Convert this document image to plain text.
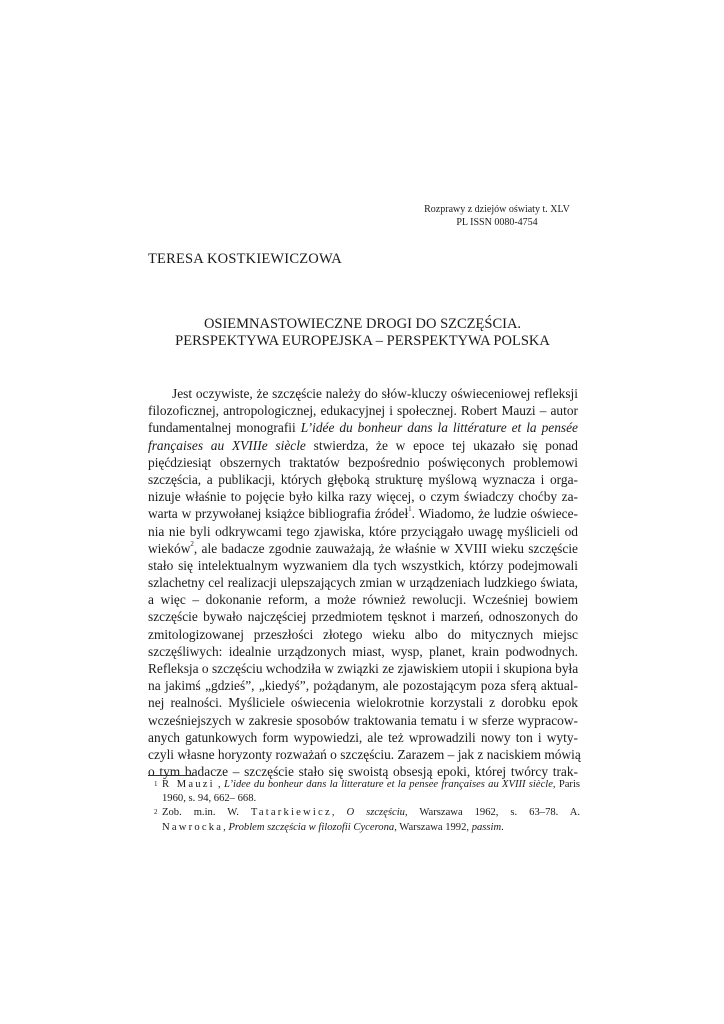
Rozprawy z dziejów oświaty t. XLV
PL ISSN 0080-4754
TERESA KOSTKIEWICZOWA
OSIEMNASTOWIECZNE DROGI DO SZCZĘŚCIA.
PERSPEKTYWA EUROPEJSKA – PERSPEKTYWA POLSKA
Jest oczywiste, że szczęście należy do słów-kluczy oświeceniowej refleksji
filozoficznej, antropologicznej, edukacyjnej i społecznej. Robert Mauzi – autor
fundamentalnej monografii L’idée du bonheur dans la littérature et la pensée
françaises au XVIIIe siècle stwierdza, że w epoce tej ukazało się ponad
pięćdziesiąt obszernych traktatów bezpośrednio poświęconych problemowi
szczęścia, a publikacji, których głęboką strukturę myślową wyznacza i orga-
nizuje właśnie to pojęcie było kilka razy więcej, o czym świadczy choćby za-
warta w przywołanej książce bibliografia źródeł$^1$. Wiadomo, że ludzie oświece-
nia nie byli odkrywcami tego zjawiska, które przyciągało uwagę myślicieli od
wieków$^2$, ale badacze zgodnie zauważają, że właśnie w XVIII wieku szczęście
stało się intelektualnym wyzwaniem dla tych wszystkich, którzy podejmowali
szlachetny cel realizacji ulepszających zmian w urządzeniach ludzkiego świata,
a więc – dokonanie reform, a może również rewolucji. Wcześniej bowiem
szczęście bywało najczęściej przedmiotem tęsknot i marzeń, odnoszonych do
zmitologizowanej przeszłości złotego wieku albo do mitycznych miejsc
szczęśliwych: idealnie urządzonych miast, wysp, planet, krain podwodnych.
Refleksja o szczęściu wchodziła w związki ze zjawiskiem utopii i skupiona była
na jakimś „gdzieś”, „kiedyś”, pożądanym, ale pozostającym poza sferą aktual-
nej realności. Myśliciele oświecenia wielokrotnie korzystali z dorobku epok
wcześniejszych w zakresie sposobów traktowania tematu i w sferze wypracow-
anych gatunkowych form wypowiedzi, ale też wprowadzili nowy ton i wyty-
czyli własne horyzonty rozważań o szczęściu. Zarazem – jak z naciskiem mówią
o tym badacze – szczęście stało się swoistą obsesją epoki, której twórcy trak-
1 R Mauzi , L’idee du bonheur dans la litterature et la pensee françaises au XVIII siècle, Paris
1960, s. 94, 662– 668.
2 Zob. m.in. W. Tatarkiewicz, O szczęściu, Warszawa 1962, s. 63–78. A.
Nawrocka, Problem szczęścia w filozofii Cycerona, Warszawa 1992, passim.
